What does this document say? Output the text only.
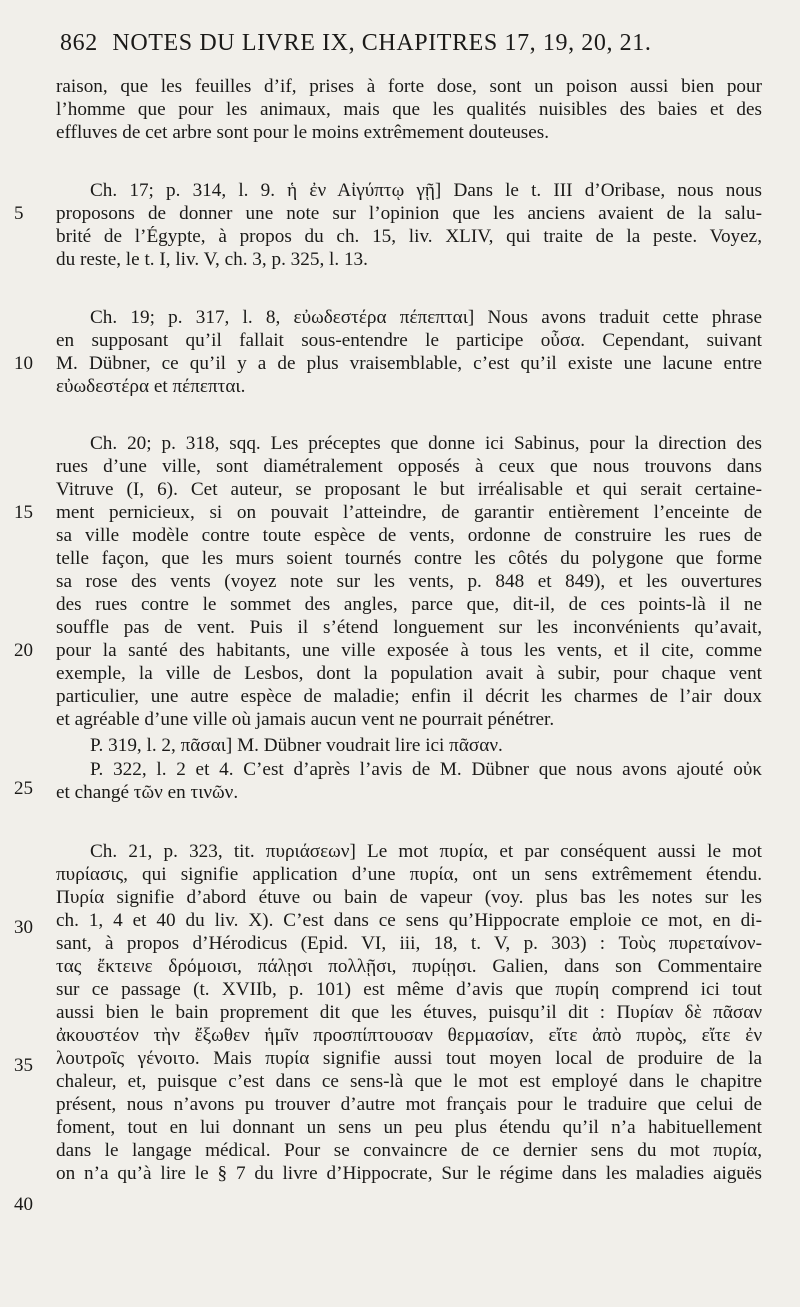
862 NOTES DU LIVRE IX, CHAPITRES 17, 19, 20, 21.
raison, que les feuilles d’if, prises à forte dose, sont un poison aussi bien pour
l’homme que pour les animaux, mais que les qualités nuisibles des baies et des
effluves de cet arbre sont pour le moins extrêmement douteuses.
Ch. 17; p. 314, l. 9. ἡ ἐν Αἰγύπτῳ γῇ] Dans le t. III d’Oribase, nous nous
proposons de donner une note sur l’opinion que les anciens avaient de la salu-
brité de l’Égypte, à propos du ch. 15, liv. XLIV, qui traite de la peste. Voyez,
du reste, le t. I, liv. V, ch. 3, p. 325, l. 13.
Ch. 19; p. 317, l. 8, εὐωδεστέρα πέπεπται] Nous avons traduit cette phrase
en supposant qu’il fallait sous-entendre le participe οὖσα. Cependant, suivant
M. Dübner, ce qu’il y a de plus vraisemblable, c’est qu’il existe une lacune entre
εὐωδεστέρα et πέπεπται.
Ch. 20; p. 318, sqq. Les préceptes que donne ici Sabinus, pour la direction des
rues d’une ville, sont diamétralement opposés à ceux que nous trouvons dans
Vitruve (I, 6). Cet auteur, se proposant le but irréalisable et qui serait certaine-
ment pernicieux, si on pouvait l’atteindre, de garantir entièrement l’enceinte de
sa ville modèle contre toute espèce de vents, ordonne de construire les rues de
telle façon, que les murs soient tournés contre les côtés du polygone que forme
sa rose des vents (voyez note sur les vents, p. 848 et 849), et les ouvertures
des rues contre le sommet des angles, parce que, dit-il, de ces points-là il ne
souffle pas de vent. Puis il s’étend longuement sur les inconvénients qu’avait,
pour la santé des habitants, une ville exposée à tous les vents, et il cite, comme
exemple, la ville de Lesbos, dont la population avait à subir, pour chaque vent
particulier, une autre espèce de maladie; enfin il décrit les charmes de l’air doux
et agréable d’une ville où jamais aucun vent ne pourrait pénétrer.
P. 319, l. 2, πᾶσαι] M. Dübner voudrait lire ici πᾶσαν.
P. 322, l. 2 et 4. C’est d’après l’avis de M. Dübner que nous avons ajouté οὐκ
et changé τῶν en τινῶν.
Ch. 21, p. 323, tit. πυριάσεων] Le mot πυρία, et par conséquent aussi le mot
πυρίασις, qui signifie application d’une πυρία, ont un sens extrêmement étendu.
Πυρία signifie d’abord étuve ou bain de vapeur (voy. plus bas les notes sur les
ch. 1, 4 et 40 du liv. X). C’est dans ce sens qu’Hippocrate emploie ce mot, en di-
sant, à propos d’Hérodicus (Epid. VI, iii, 18, t. V, p. 303) : Τοὺς πυρεταίνον-
τας ἔκτεινε δρόμοισι, πάλῃσι πολλῇσι, πυρίῃσι. Galien, dans son Commentaire
sur ce passage (t. XVIIb, p. 101) est même d’avis que πυρίη comprend ici tout
aussi bien le bain proprement dit que les étuves, puisqu’il dit : Πυρίαν δὲ πᾶσαν
ἀκουστέον τὴν ἔξωθεν ἡμῖν προσπίπτουσαν θερμασίαν, εἴτε ἀπὸ πυρὸς, εἴτε ἐν
λουτροῖς γένοιτο. Mais πυρία signifie aussi tout moyen local de produire de la
chaleur, et, puisque c’est dans ce sens-là que le mot est employé dans le chapitre
présent, nous n’avons pu trouver d’autre mot français pour le traduire que celui de
foment, tout en lui donnant un sens un peu plus étendu qu’il n’a habituellement
dans le langage médical. Pour se convaincre de ce dernier sens du mot πυρία,
on n’a qu’à lire le § 7 du livre d’Hippocrate, Sur le régime dans les maladies aiguës
5
10
15
20
25
30
35
40
